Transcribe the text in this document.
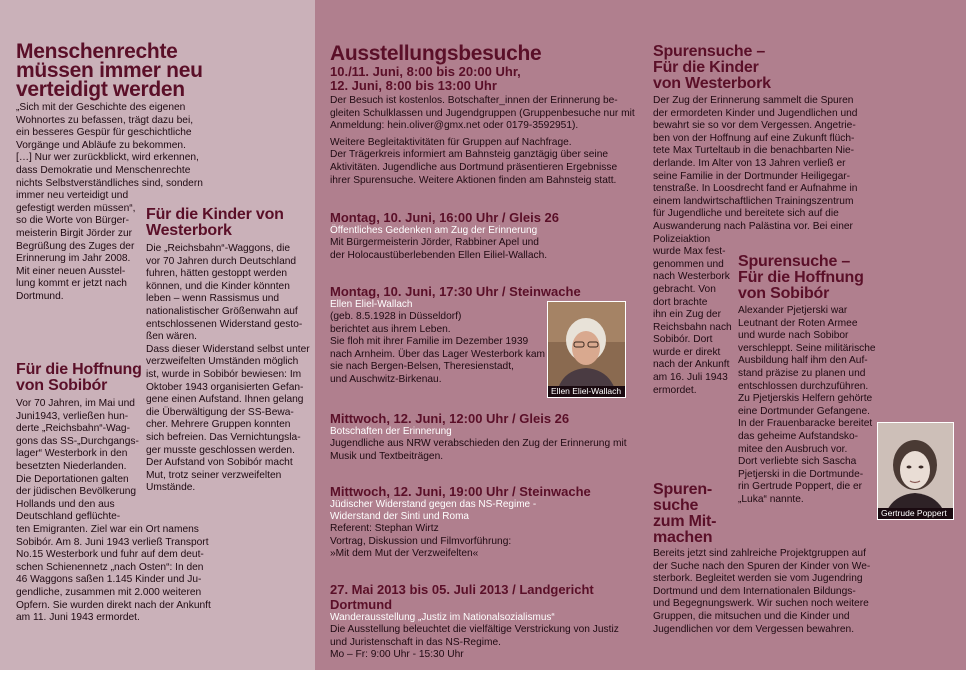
Menschenrechte
müssen immer neu
verteidigt werden
„Sich mit der Geschichte des eigenen
Wohnortes zu befassen, trägt dazu bei,
ein besseres Gespür für geschichtliche
Vorgänge und Abläufe zu bekommen.
[…] Nur wer zurückblickt, wird erkennen,
dass Demokratie und Menschenrechte
nichts Selbstverständliches sind, sondern
immer neu verteidigt und
gefestigt werden müssen“,
so die Worte von Bürger-
meisterin Birgit Jörder zur
Begrüßung des Zuges der
Erinnerung im Jahr 2008.
Mit einer neuen Ausstel-
lung kommt er jetzt nach
Dortmund.
Für die Hoffnung
von Sobibór
Vor 70 Jahren, im Mai und
Juni1943, verließen hun-
derte „Reichsbahn“-Wag-
gons das SS-„Durchgangs-
lager“ Westerbork in den
besetzten Niederlanden.
Die Deportationen galten
der jüdischen Bevölkerung
Hollands und den aus
Deutschland geflüchte-
ten Emigranten. Ziel war ein Ort namens
Sobibór. Am 8. Juni 1943 verließ Transport
No.15 Westerbork und fuhr auf dem deut-
schen Schienennetz „nach Osten“: In den
46 Waggons saßen 1.145 Kinder und Ju-
gendliche, zusammen mit 2.000 weiteren
Opfern. Sie wurden direkt nach der Ankunft
am 11. Juni 1943 ermordet.
Für die Kinder von
Westerbork
Die „Reichsbahn“-Waggons, die
vor 70 Jahren durch Deutschland
fuhren, hätten gestoppt werden
können, und die Kinder könnten
leben – wenn Rassismus und
nationalistischer Größenwahn auf
entschlossenen Widerstand gesto-
ßen wären.
Dass dieser Widerstand selbst unter
verzweifelten Umständen möglich
ist, wurde in Sobibór bewiesen: Im
Oktober 1943 organisierten Gefan-
gene einen Aufstand. Ihnen gelang
die Überwältigung der SS-Bewa-
cher. Mehrere Gruppen konnten
sich befreien. Das Vernichtungsla-
ger musste geschlossen werden.
Der Aufstand von Sobibór macht
Mut, trotz seiner verzweifelten
Umstände.
Ausstellungsbesuche
10./11. Juni, 8:00 bis 20:00 Uhr,
12. Juni, 8:00 bis 13:00 Uhr
Der Besuch ist kostenlos. Botschafter_innen der Erinnerung be-
gleiten Schulklassen und Jugendgruppen (Gruppenbesuche nur mit
Anmeldung: hein.oliver@gmx.net oder 0179-3592951).
Weitere Begleitaktivitäten für Gruppen auf Nachfrage.
Der Trägerkreis informiert am Bahnsteig ganztägig über seine
Aktivitäten. Jugendliche aus Dortmund präsentieren Ergebnisse
ihrer Spurensuche. Weitere Aktionen finden am Bahnsteig statt.
Montag, 10. Juni, 16:00 Uhr / Gleis 26
Öffentliches Gedenken am Zug der Erinnerung
Mit Bürgermeisterin Jörder, Rabbiner Apel und
der Holocaustüberlebenden Ellen Eiliel-Wallach.
Montag, 10. Juni, 17:30 Uhr / Steinwache
Ellen Eliel-Wallach
(geb. 8.5.1928 in Düsseldorf)
berichtet aus ihrem Leben.
Sie floh mit ihrer Familie im Dezember 1939
nach Arnheim. Über das Lager Westerbork kam
sie nach Bergen-Belsen, Theresienstadt,
und Auschwitz-Birkenau.
Ellen Eliel-Wallach
Mittwoch, 12. Juni, 12:00 Uhr / Gleis 26
Botschaften der Erinnerung
Jugendliche aus NRW verabschieden den Zug der Erinnerung mit
Musik und Textbeiträgen.
Mittwoch, 12. Juni, 19:00 Uhr / Steinwache
Jüdischer Widerstand gegen das NS-Regime -
Widerstand der Sinti und Roma
Referent: Stephan Wirtz
Vortrag, Diskussion und Filmvorführung:
»Mit dem Mut der Verzweifelten«
27. Mai 2013 bis 05. Juli 2013 / Landgericht Dortmund
Wanderausstellung „Justiz im Nationalsozialismus“
Die Ausstellung beleuchtet die vielfältige Verstrickung von Justiz
und Juristenschaft in das NS-Regime.
Mo – Fr: 9:00 Uhr - 15:30 Uhr
Spurensuche –
Für die Kinder
von Westerbork
Der Zug der Erinnerung sammelt die Spuren
der ermordeten Kinder und Jugendlichen und
bewahrt sie so vor dem Vergessen. Angetrie-
ben von der Hoffnung auf eine Zukunft flüch-
tete Max Turteltaub in die benachbarten Nie-
derlande. Im Alter von 13 Jahren verließ er
seine Familie in der Dortmunder Heiligegar-
tenstraße. In Loosdrecht fand er Aufnahme in
einem landwirtschaftlichen Trainingszentrum
für Jugendliche und bereitete sich auf die
Auswanderung nach Palästina vor. Bei einer
Polizeiaktion
wurde Max fest-
genommen und
nach Westerbork
gebracht. Von
dort brachte
ihn ein Zug der
Reichsbahn nach
Sobibór. Dort
wurde er direkt
nach der Ankunft
am 16. Juli 1943
ermordet.
Spurensuche –
Für die Hoffnung
von Sobibór
Alexander Pjetjerski war
Leutnant der Roten Armee
und wurde nach Sobibor
verschleppt. Seine militärische
Ausbildung half ihm den Auf-
stand präzise zu planen und
entschlossen durchzuführen.
Zu Pjetjerskis Helfern gehörte
eine Dortmunder Gefangene.
In der Frauenbaracke bereitet
das geheime Aufstandsko-
mitee den Ausbruch vor.
Dort verliebte sich Sascha
Pjetjerski in die Dortmunde-
rin Gertrude Poppert, die er
„Luka“ nannte.
Gertrude Poppert
Spuren-
suche
zum Mit-
machen
Bereits jetzt sind zahlreiche Projektgruppen auf
der Suche nach den Spuren der Kinder von We-
sterbork. Begleitet werden sie vom Jugendring
Dortmund und dem Internationalen Bildungs-
und Begegnungswerk. Wir suchen noch weitere
Gruppen, die mitsuchen und die Kinder und
Jugendlichen vor dem Vergessen bewahren.
